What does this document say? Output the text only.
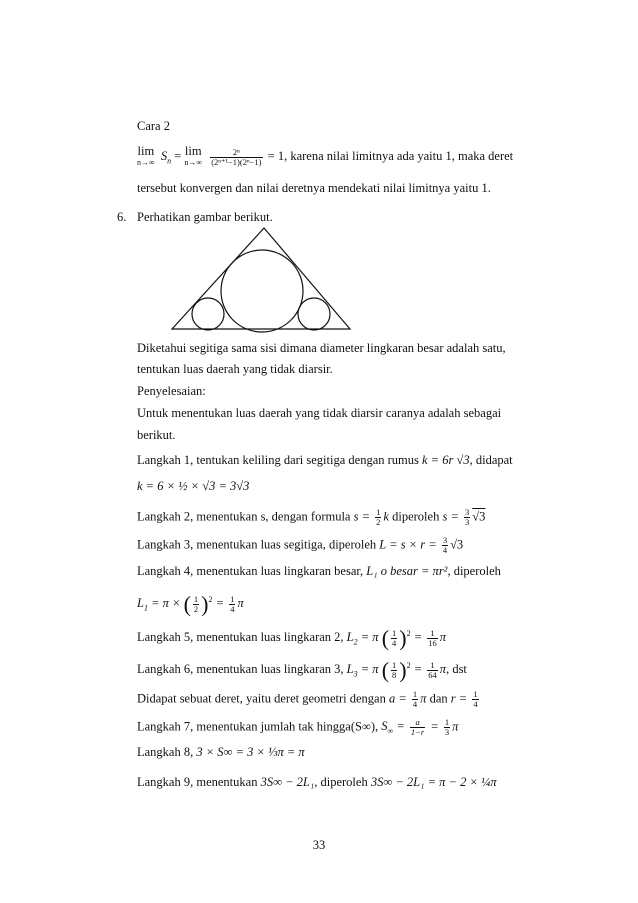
Cara 2
lim
n→∞ $S_n = \lim$
n→∞
$\frac{\text{2ⁿ}}{\text{(2ⁿ⁺¹−1)(2ⁿ−1)}} = 1$, karena nilai limitnya ada yaitu 1, maka deret
tersebut konvergen dan nilai deretnya mendekati nilai limitnya yaitu 1.
6. Perhatikan gambar berikut.
Diketahui segitiga sama sisi dimana diameter lingkaran besar adalah satu,
tentukan luas daerah yang tidak diarsir.
Penyelesaian:
Untuk menentukan luas daerah yang tidak diarsir caranya adalah sebagai
berikut.
Langkah 1, tentukan keliling dari segitiga dengan rumus k = 6r √3, didapat
k = 6 × ½ × √3 = 3√3
Langkah 2, menentukan s, dengan formula $s = \frac{1}{2}$ k diperoleh $s = \frac{3}{3} √3$
Langkah 3, menentukan luas segitiga, diperoleh $L = s \times r = \frac{3}{4} √3$
Langkah 4, menentukan luas lingkaran besar, L₁ o besar = πr², diperoleh
$L_1 = \pi$ × ( $\frac{1}{2} )^2 = \frac{1}{4}$ π
Langkah 5, menentukan luas lingkaran 2, $L_2 = \pi$ ( $\frac{1}{4} )^2 = \frac{1}{16}$ π
Langkah 6, menentukan luas lingkaran 3, $L_3 = \pi$ ( $\frac{1}{8} )^2 = \frac{1}{64} \pi$, dst
Didapat sebuat deret, yaitu deret geometri dengan $a = \frac{1}{4}$ π dan $r = \frac{1}{4}$
Langkah 7, menentukan jumlah tak hingga(S∞), $S_\infty = \frac{a}{1-r} = \frac{1}{3}$ π
Langkah 8, 3 × S∞ = 3 × ⅓π = π
Langkah 9, menentukan 3S∞ − 2L₁, diperoleh 3S∞ − 2L₁ = π − 2 × ¼π
33
